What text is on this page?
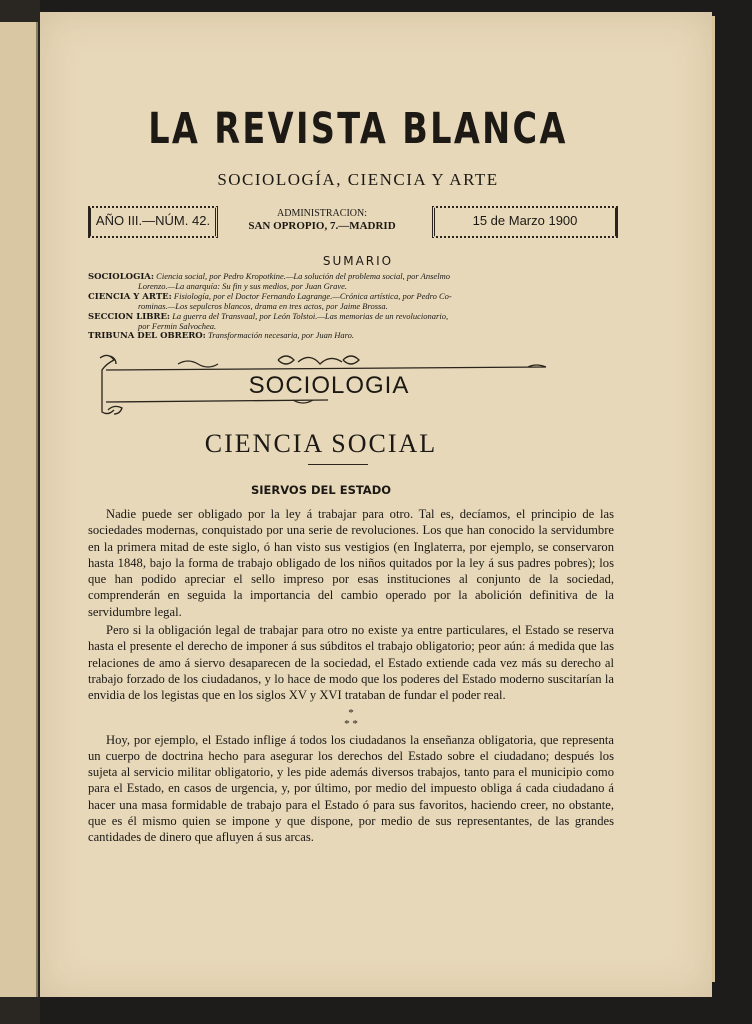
LA REVISTA BLANCA
SOCIOLOGÍA, CIENCIA Y ARTE
AÑO III.—NÚM. 42.	ADMINISTRACION:
SAN OPROPIO, 7.—MADRID	15 de Marzo 1900
SUMARIO

SOCIOLOGIA: Ciencia social, por Pedro Kropotkine.—La solución del problema social, por Anselmo

Lorenzo.—La anarquía: Su fin y sus medios, por Juan Grave.

CIENCIA Y ARTE: Fisiología, por el Doctor Fernando Lagrange.—Crónica artística, por Pedro Co-

rominas.—Los sepulcros blancos, drama en tres actos, por Jaime Brossa.

SECCION LIBRE: La guerra del Transvaal, por León Tolstoi.—Las memorias de un revolucionario,

por Fermin Salvochea.

TRIBUNA DEL OBRERO: Transformación necesaria, por Juan Haro.

SOCIOLOGIA
CIENCIA SOCIAL
SIERVOS DEL ESTADO

Nadie puede ser obligado por la ley á trabajar para otro. Tal es, decíamos, el principio de las sociedades modernas, conquistado por una serie de revoluciones. Los que han conocido la servidumbre en la primera mitad de este siglo, ó han visto sus vestigios (en Inglaterra, por ejemplo, se conservaron hasta 1848, bajo la forma de trabajo obligado de los niños quitados por la ley á sus padres pobres); los que han podido apreciar el sello impreso por esas instituciones al conjunto de la sociedad, comprenderán en seguida la importancia del cambio operado por la abolición definitiva de la servidumbre legal.

Pero si la obligación legal de trabajar para otro no existe ya entre particulares, el Estado se reserva hasta el presente el derecho de imponer á sus súbditos el trabajo obligatorio; peor aún: á medida que las relaciones de amo á siervo desaparecen de la sociedad, el Estado extiende cada vez más su derecho al trabajo forzado de los ciudadanos, y lo hace de modo que los poderes del Estado moderno suscitarían la envidia de los legistas que en los siglos XV y XVI trataban de fundar el poder real.

*
* *

Hoy, por ejemplo, el Estado inflige á todos los ciudadanos la enseñanza obligatoria, que representa un cuerpo de doctrina hecho para asegurar los derechos del Estado sobre el ciudadano; después los sujeta al servicio militar obligatorio, y les pide además diversos trabajos, tanto para el municipio como para el Estado, en casos de urgencia, y, por último, por medio del impuesto obliga á cada ciudadano á hacer una masa formidable de trabajo para el Estado ó para sus favoritos, haciendo creer, no obstante, que es él mismo quien se impone y que dispone, por medio de sus representantes, de las grandes cantidades de dinero que afluyen á sus arcas.
